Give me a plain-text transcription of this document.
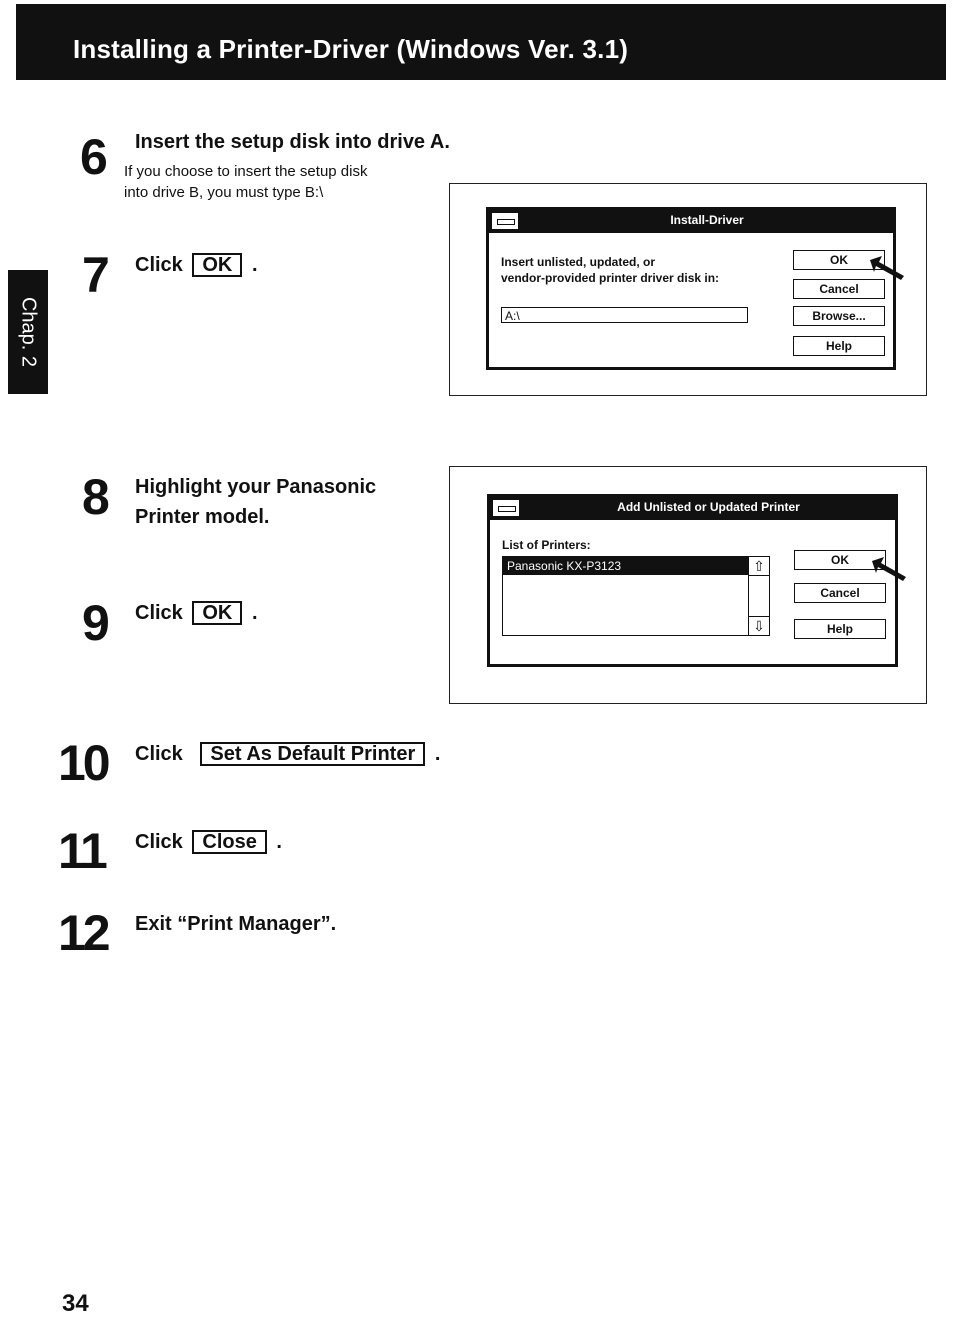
Installing a Printer-Driver (Windows Ver. 3.1)
Chap. 2
6 Insert the setup disk into drive A.
If you choose to insert the setup disk
into drive B, you must type B:\
7 Click OK .
Install-Driver
Insert unlisted, updated, or
vendor-provided printer driver disk in:
A:\
OK
Cancel
Browse...
Help
8 Highlight your Panasonic
Printer model.
9 Click OK .
Add Unlisted or Updated Printer
List of Printers:
Panasonic KX-P3123	⇧
⇩
OK
Cancel
Help
10 Click Set As Default Printer .
11 Click Close .
12 Exit “Print Manager”.
34
